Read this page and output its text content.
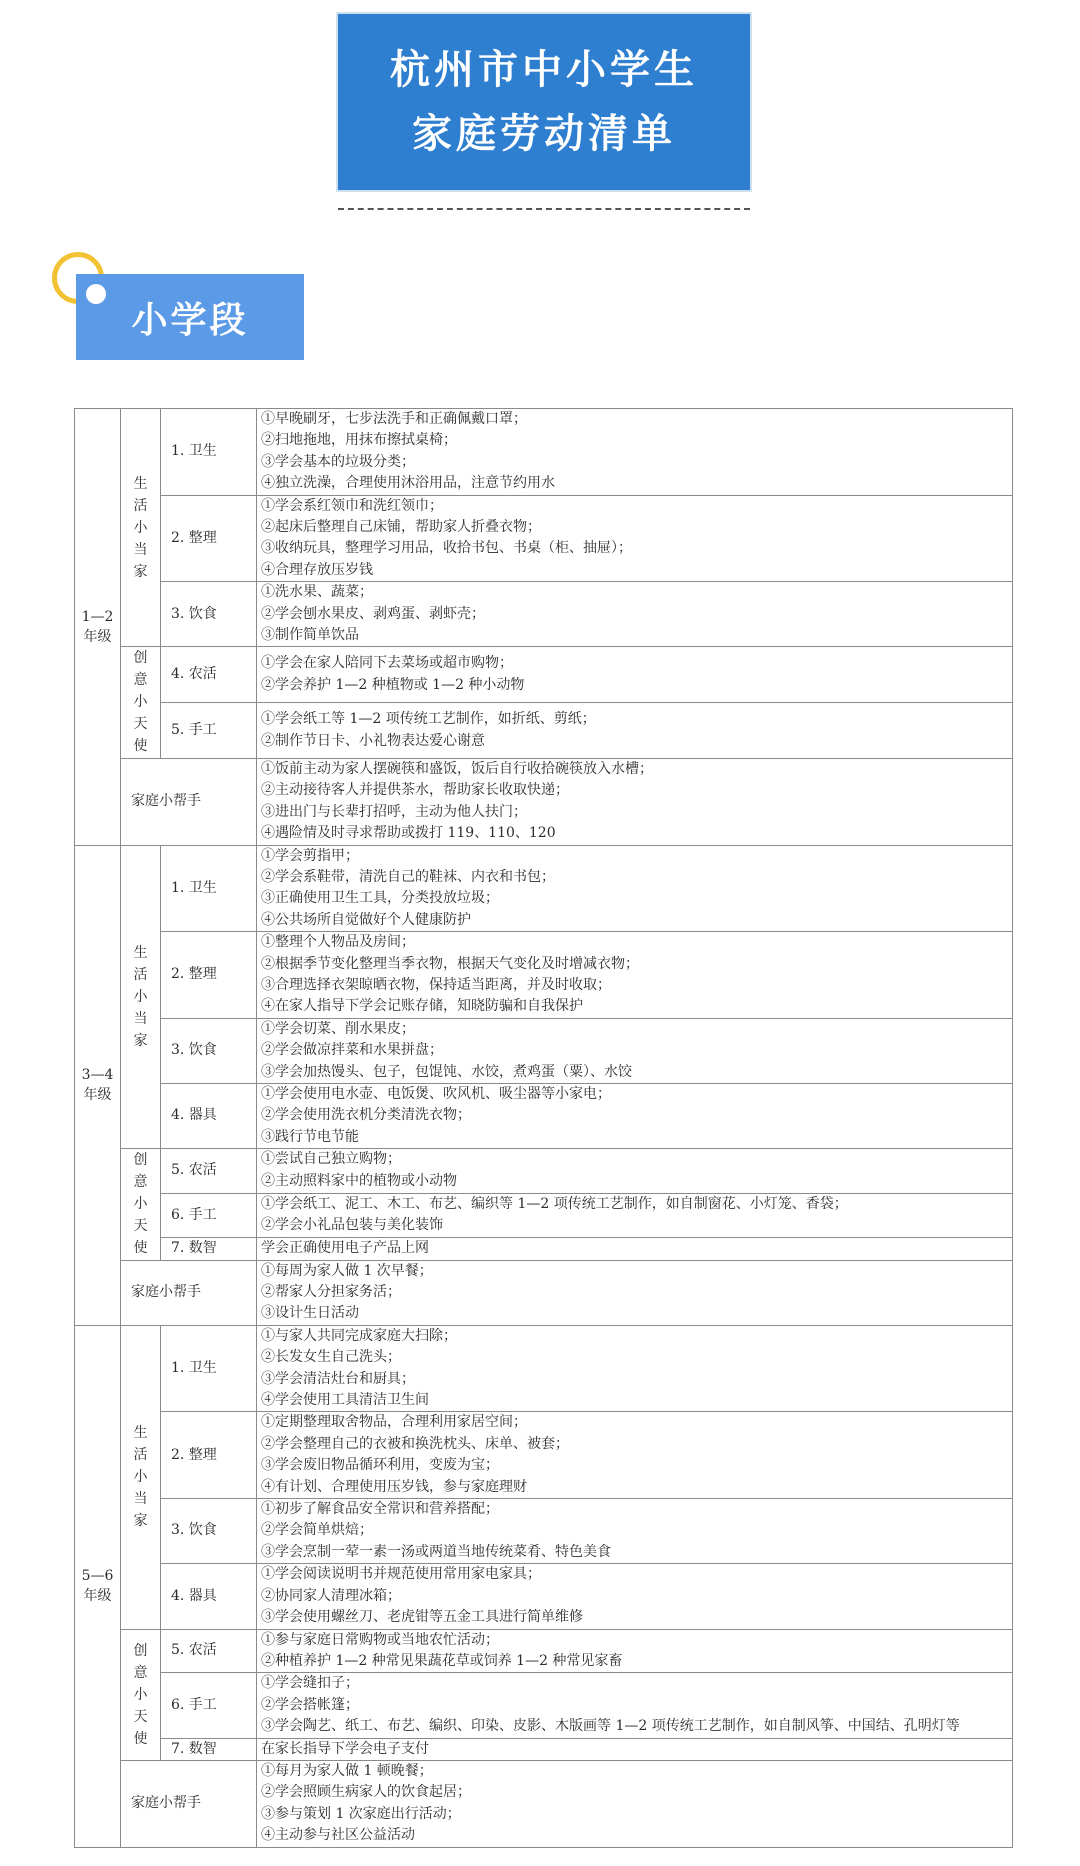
杭州市中小学生
家庭劳动清单
小学段
1—2
年级	生活小当家	1. 卫生	①早晚刷牙，七步法洗手和正确佩戴口罩；
②扫地拖地，用抹布擦拭桌椅；
③学会基本的垃圾分类；
④独立洗澡，合理使用沐浴用品，注意节约用水

		2. 整理	①学会系红领巾和洗红领巾；
②起床后整理自己床铺，帮助家人折叠衣物；
③收纳玩具，整理学习用品，收拾书包、书桌（柜、抽屉）；
④合理存放压岁钱

		3. 饮食	①洗水果、蔬菜；
②学会刨水果皮、剥鸡蛋、剥虾壳；
③制作简单饮品

	创意小天使	4. 农活	①学会在家人陪同下去菜场或超市购物；
②学会养护 1—2 种植物或 1—2 种小动物

		5. 手工	①学会纸工等 1—2 项传统工艺制作，如折纸、剪纸；
②制作节日卡、小礼物表达爱心谢意

	家庭小帮手		①饭前主动为家人摆碗筷和盛饭，饭后自行收拾碗筷放入水槽；
②主动接待客人并提供茶水，帮助家长收取快递；
③进出门与长辈打招呼，主动为他人扶门；
④遇险情及时寻求帮助或拨打 119、110、120

3—4
年级	生活小当家	1. 卫生	①学会剪指甲；
②学会系鞋带，清洗自己的鞋袜、内衣和书包；
③正确使用卫生工具，分类投放垃圾；
④公共场所自觉做好个人健康防护

		2. 整理	①整理个人物品及房间；
②根据季节变化整理当季衣物，根据天气变化及时增减衣物；
③合理选择衣架晾晒衣物，保持适当距离，并及时收取；
④在家人指导下学会记账存储，知晓防骗和自我保护

		3. 饮食	①学会切菜、削水果皮；
②学会做凉拌菜和水果拼盘；
③学会加热馒头、包子，包馄饨、水饺，煮鸡蛋（粟）、水饺

		4. 器具	①学会使用电水壶、电饭煲、吹风机、吸尘器等小家电；
②学会使用洗衣机分类清洗衣物；
③践行节电节能

	创意小天使	5. 农活	①尝试自己独立购物；
②主动照料家中的植物或小动物

		6. 手工	①学会纸工、泥工、木工、布艺、编织等 1—2 项传统工艺制作，如自制窗花、小灯笼、香袋；
②学会小礼品包装与美化装饰

		7. 数智	学会正确使用电子产品上网

	家庭小帮手		①每周为家人做 1 次早餐；
②帮家人分担家务活；
③设计生日活动

5—6
年级	生活小当家	1. 卫生	①与家人共同完成家庭大扫除；
②长发女生自己洗头；
③学会清洁灶台和厨具；
④学会使用工具清洁卫生间

		2. 整理	①定期整理取舍物品，合理利用家居空间；
②学会整理自己的衣被和换洗枕头、床单、被套；
③学会废旧物品循环利用，变废为宝；
④有计划、合理使用压岁钱，参与家庭理财

		3. 饮食	①初步了解食品安全常识和营养搭配；
②学会简单烘焙；
③学会烹制一荤一素一汤或两道当地传统菜肴、特色美食

		4. 器具	①学会阅读说明书并规范使用常用家电家具；
②协同家人清理冰箱；
③学会使用螺丝刀、老虎钳等五金工具进行简单维修

	创意小天使	5. 农活	①参与家庭日常购物或当地农忙活动；
②种植养护 1—2 种常见果蔬花草或饲养 1—2 种常见家畜

		6. 手工	①学会缝扣子；
②学会搭帐篷；
③学会陶艺、纸工、布艺、编织、印染、皮影、木版画等 1—2 项传统工艺制作，如自制风筝、中国结、孔明灯等

		7. 数智	在家长指导下学会电子支付

	家庭小帮手		①每月为家人做 1 顿晚餐；
②学会照顾生病家人的饮食起居；
③参与策划 1 次家庭出行活动；
④主动参与社区公益活动
